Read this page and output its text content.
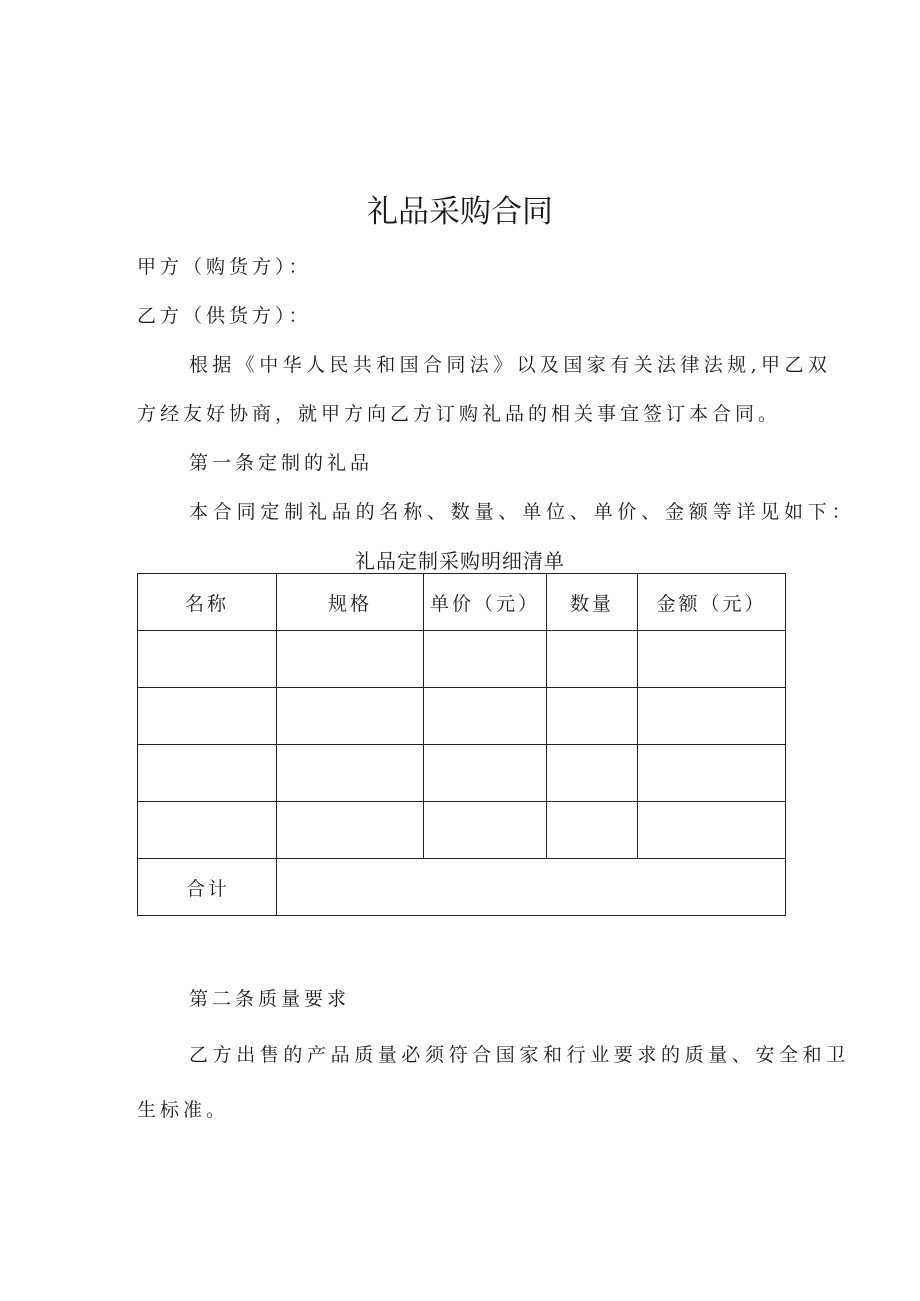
礼品采购合同
甲方（购货方）：
乙方（供货方）：
根据《中华人民共和国合同法》以及国家有关法律法规,甲乙双
方经友好协商，就甲方向乙方订购礼品的相关事宜签订本合同。
第一条定制的礼品
本合同定制礼品的名称、数量、单位、单价、金额等详见如下：
礼品定制采购明细清单
名称	规格	单价（元）	数量	金额（元）

合计				
第二条质量要求
乙方出售的产品质量必须符合国家和行业要求的质量、安全和卫
生标准。
